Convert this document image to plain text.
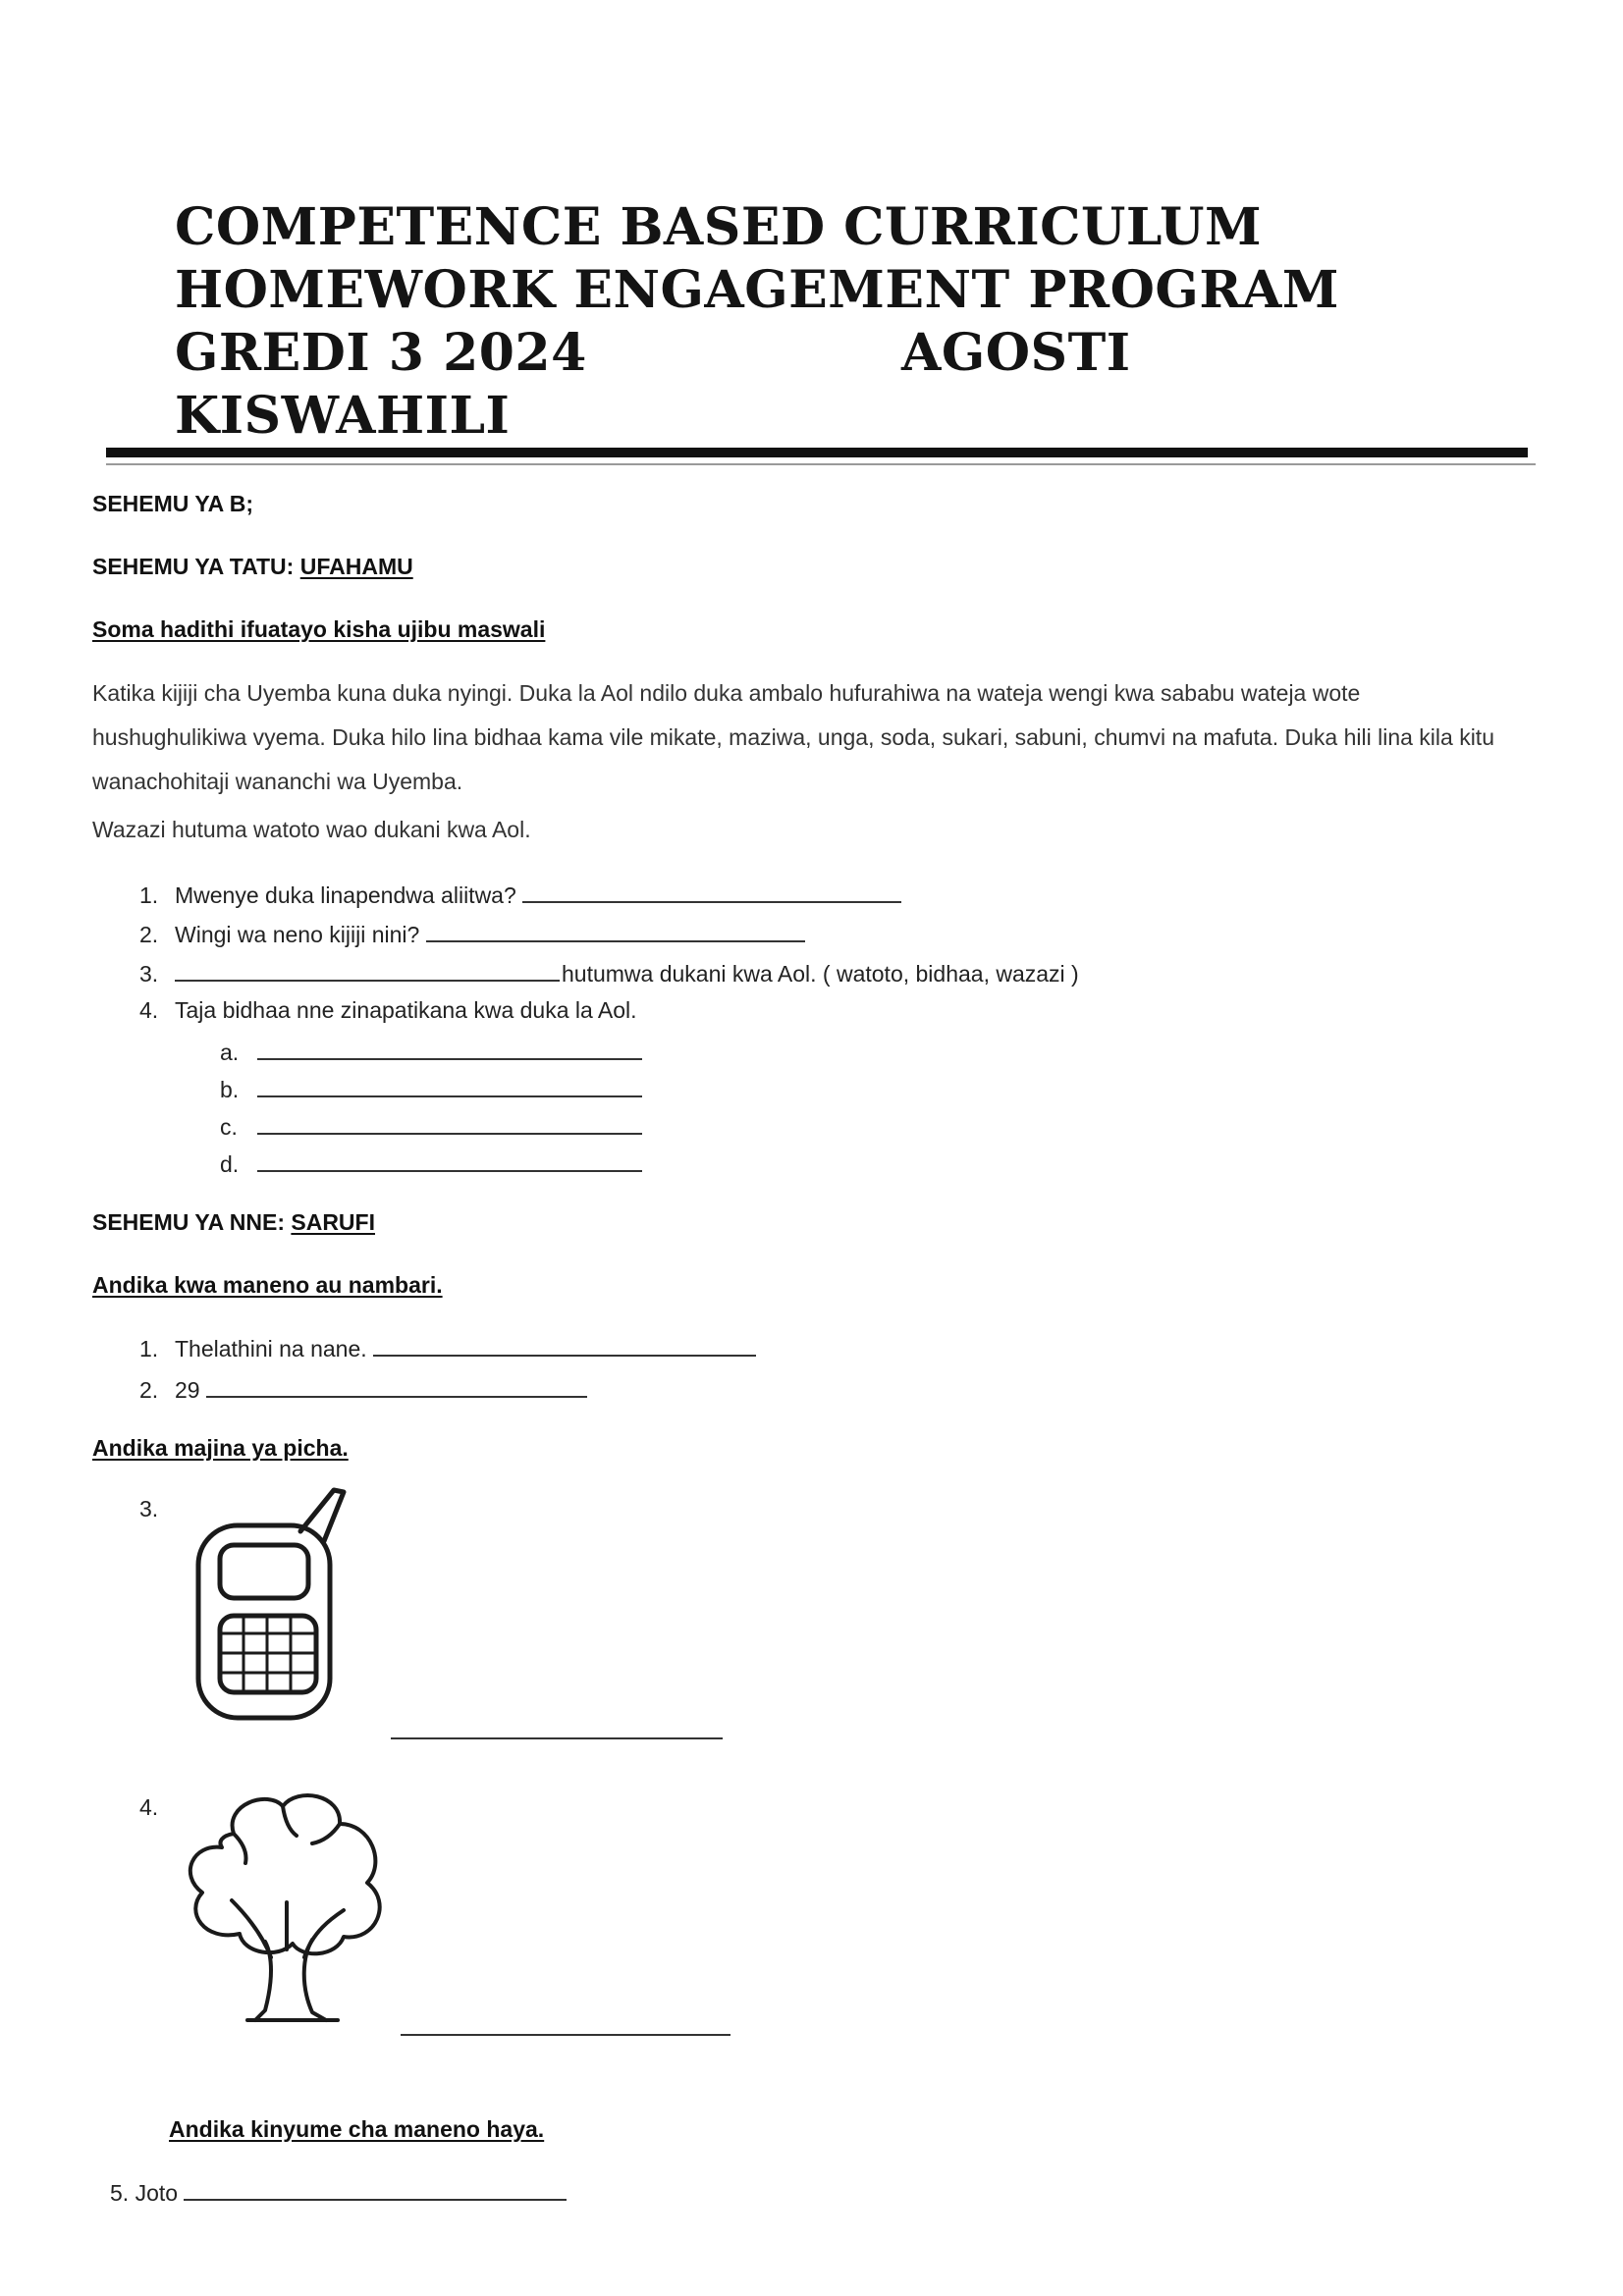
COMPETENCE BASED CURRICULUM
HOMEWORK ENGAGEMENT PROGRAM
GREDI 3 2024	AGOSTI
KISWAHILI
SEHEMU YA B;
SEHEMU YA TATU: UFAHAMU
Soma hadithi ifuatayo kisha ujibu maswali
Katika kijiji cha Uyemba kuna duka nyingi. Duka la Aol ndilo duka ambalo hufurahiwa na wateja wengi kwa sababu wateja wote hushughulikiwa vyema. Duka hilo lina bidhaa kama vile mikate, maziwa, unga, soda, sukari, sabuni, chumvi na mafuta. Duka hili lina kila kitu wanachohitaji wananchi wa Uyemba.
Wazazi hutuma watoto wao dukani kwa Aol.
1. Mwenye duka linapendwa aliitwa?
2. Wingi wa neno kijiji nini?
3.	hutumwa dukani kwa Aol. ( watoto, bidhaa, wazazi )
4. Taja bidhaa nne zinapatikana kwa duka la Aol.
a.
b.
c.
d.
SEHEMU YA NNE: SARUFI
Andika kwa maneno au nambari.
1. Thelathini na nane.
2. 29
Andika majina ya picha.
3.
4.
Andika kinyume cha maneno haya.
5. Joto
